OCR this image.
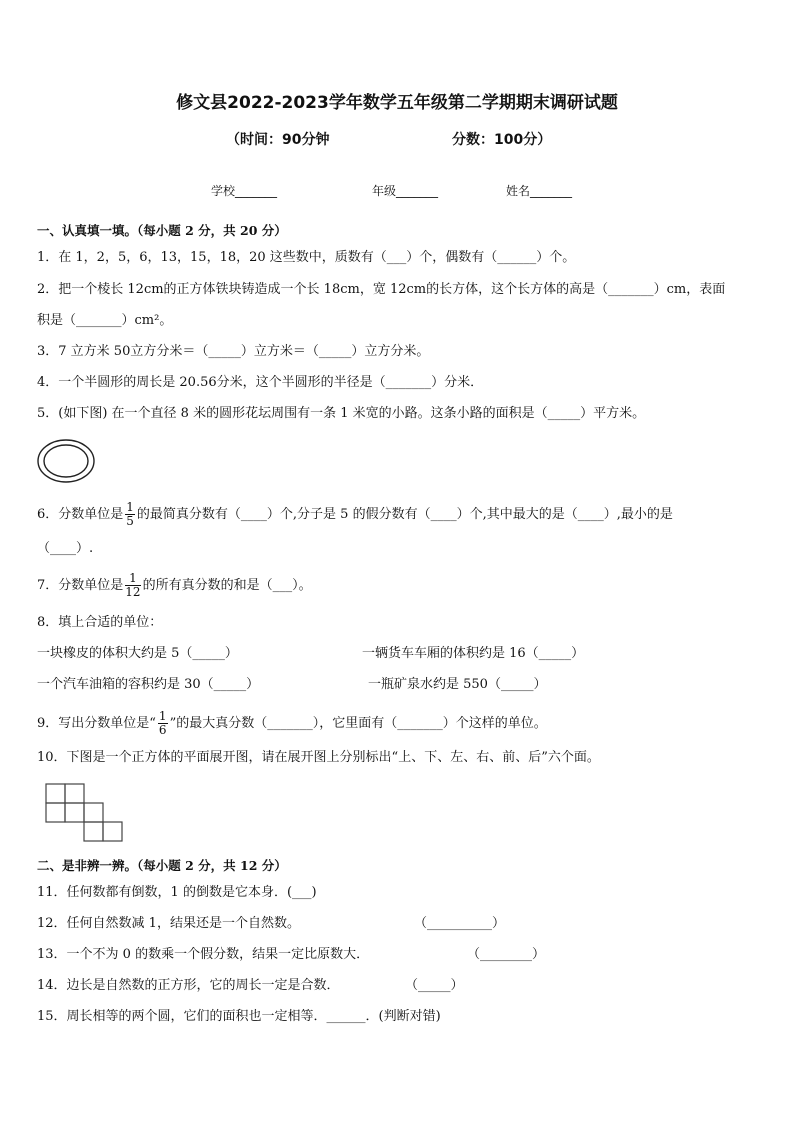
修文县2022-2023学年数学五年级第二学期期末调研试题
（时间：90分钟	分数：100分）
学校_______	年级_______	姓名_______
一、认真填一填。（每小题 2 分，共 20 分）
1．在 1，2，5，6，13，15，18，20 这些数中，质数有（___）个，偶数有（______）个。
2．把一个棱长 12cm的正方体铁块铸造成一个长 18cm，宽 12cm的长方体，这个长方体的高是（_______）cm，表面
积是（_______）cm²。
3．7 立方米 50立方分米＝（_____）立方米＝（_____）立方分米。
4．一个半圆形的周长是 20.56分米，这个半圆形的半径是（_______）分米．
5．(如下图) 在一个直径 8 米的圆形花坛周围有一条 1 米宽的小路。这条小路的面积是（_____）平方米。
6．分数单位是 $\frac{1}{5}$ 的最简真分数有（____）个,分子是 5 的假分数有（____）个,其中最大的是（____）,最小的是
（____）.
7．分数单位是 $\frac{1}{12}$ 的所有真分数的和是（___）。
8．填上合适的单位：
一块橡皮的体积大约是 5（_____）	一辆货车车厢的体积约是 16（_____）
一个汽车油箱的容积约是 30（_____）	一瓶矿泉水约是 550（_____）
9．写出分数单位是“ $\frac{1}{6}$ ”的最大真分数（_______），它里面有（_______）个这样的单位。
10．下图是一个正方体的平面展开图，请在展开图上分别标出“上、下、左、右、前、后”六个面。
二、是非辨一辨。（每小题 2 分，共 12 分）
11．任何数都有倒数，1 的倒数是它本身．(___)
12．任何自然数减 1，结果还是一个自然数。	（__________）
13．一个不为 0 的数乘一个假分数，结果一定比原数大．	（________）
14．边长是自然数的正方形，它的周长一定是合数．	（_____）
15．周长相等的两个圆，它们的面积也一定相等．______．(判断对错)
